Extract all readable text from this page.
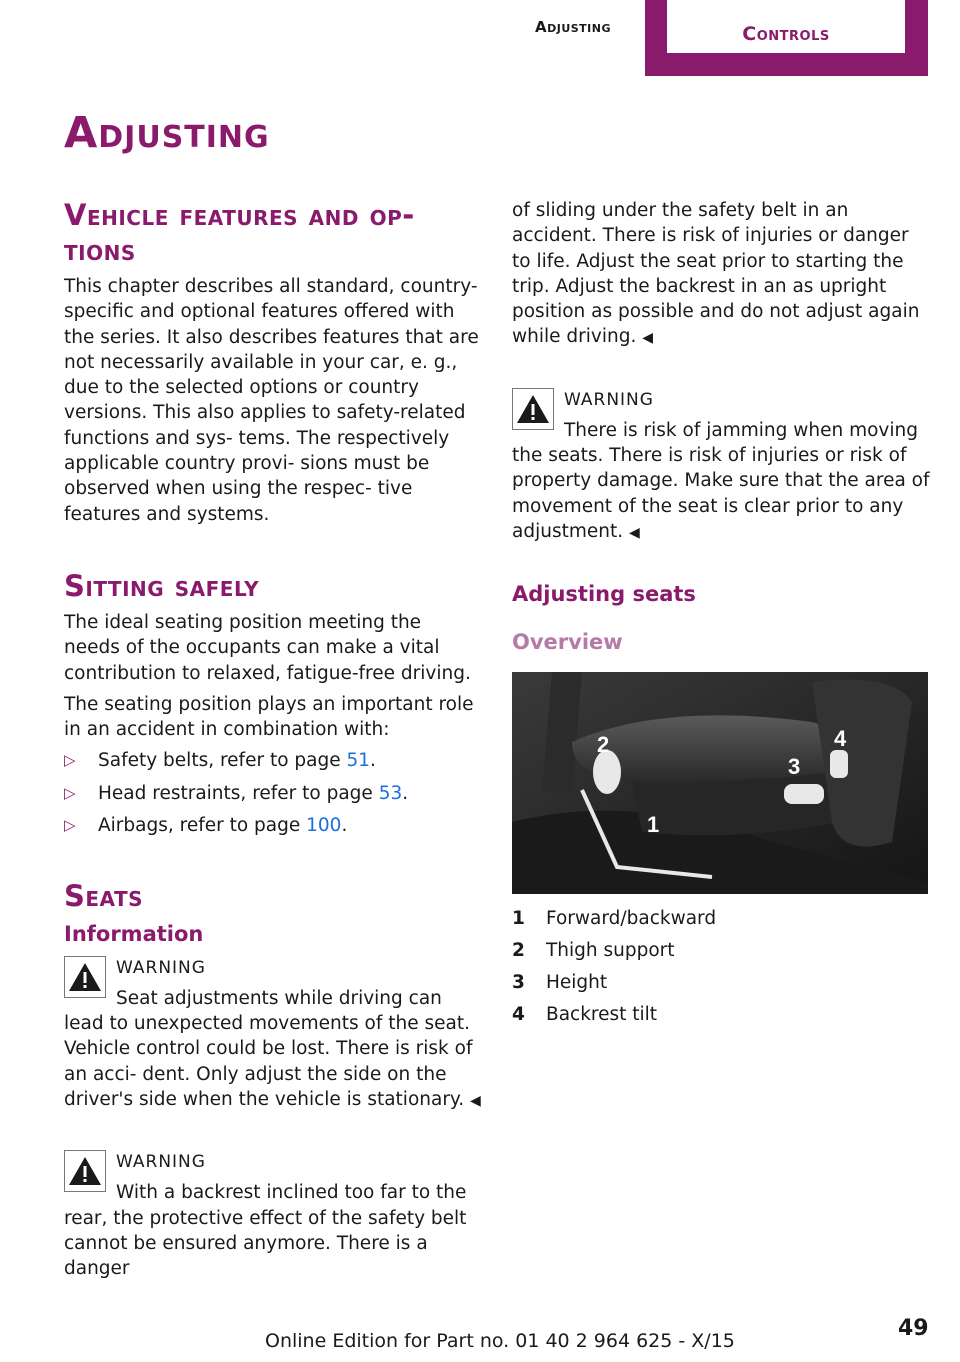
Adjusting	Controls
Adjusting
Vehicle features and op‐ tions

This chapter describes all standard, country-specific and optional features offered with the series. It also describes features that are not necessarily available in your car, e. g., due to the selected options or country versions. This also applies to safety-related functions and sys‐ tems. The respectively applicable country provi‐ sions must be observed when using the respec‐ tive features and systems.

Sitting safely

The ideal seating position meeting the needs of the occupants can make a vital contribution to relaxed, fatigue-free driving.

The seating position plays an important role in an accident in combination with:

▷ Safety belts, refer to page 51.
▷ Head restraints, refer to page 53.
▷ Airbags, refer to page 100.
Seats
Information
WARNING

Seat adjustments while driving can lead to unexpected movements of the seat. Vehicle control could be lost. There is risk of an acci‐ dent. Only adjust the side on the driver's side when the vehicle is stationary. ◀

WARNING

With a backrest inclined too far to the rear, the protective effect of the safety belt cannot be ensured anymore. There is a danger

of sliding under the safety belt in an accident. There is risk of injuries or danger to life. Adjust the seat prior to starting the trip. Adjust the backrest in an as upright position as possible and do not adjust again while driving. ◀

WARNING

There is risk of jamming when moving the seats. There is risk of injuries or risk of property damage. Make sure that the area of movement of the seat is clear prior to any adjustment. ◀

Adjusting seats
Overview
2
1
3
4
1	Forward/backward
2	Thigh support
3	Height
4	Backrest tilt
Online Edition for Part no. 01 40 2 964 625 - X/15	49
